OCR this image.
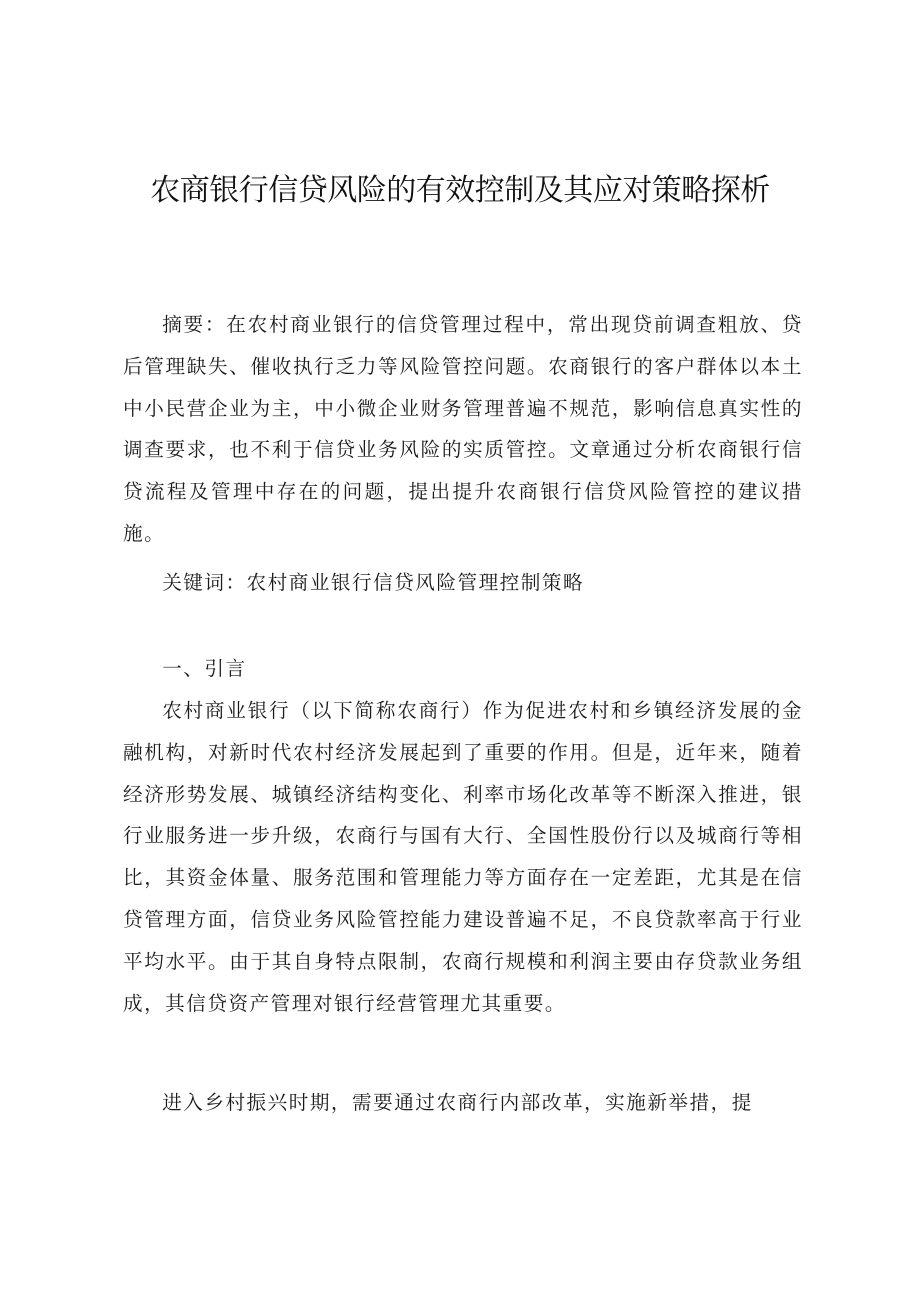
农商银行信贷风险的有效控制及其应对策略探析

摘要：在农村商业银行的信贷管理过程中，常出现贷前调查粗放、贷后管理缺失、催收执行乏力等风险管控问题。农商银行的客户群体以本土中小民营企业为主，中小微企业财务管理普遍不规范，影响信息真实性的调查要求，也不利于信贷业务风险的实质管控。文章通过分析农商银行信贷流程及管理中存在的问题，提出提升农商银行信贷风险管控的建议措施。

关键词：农村商业银行信贷风险管理控制策略

一、引言

农村商业银行（以下简称农商行）作为促进农村和乡镇经济发展的金融机构，对新时代农村经济发展起到了重要的作用。但是，近年来，随着经济形势发展、城镇经济结构变化、利率市场化改革等不断深入推进，银行业服务进一步升级，农商行与国有大行、全国性股份行以及城商行等相比，其资金体量、服务范围和管理能力等方面存在一定差距，尤其是在信贷管理方面，信贷业务风险管控能力建设普遍不足，不良贷款率高于行业平均水平。由于其自身特点限制，农商行规模和利润主要由存贷款业务组成，其信贷资产管理对银行经营管理尤其重要。

进入乡村振兴时期，需要通过农商行内部改革，实施新举措，提
